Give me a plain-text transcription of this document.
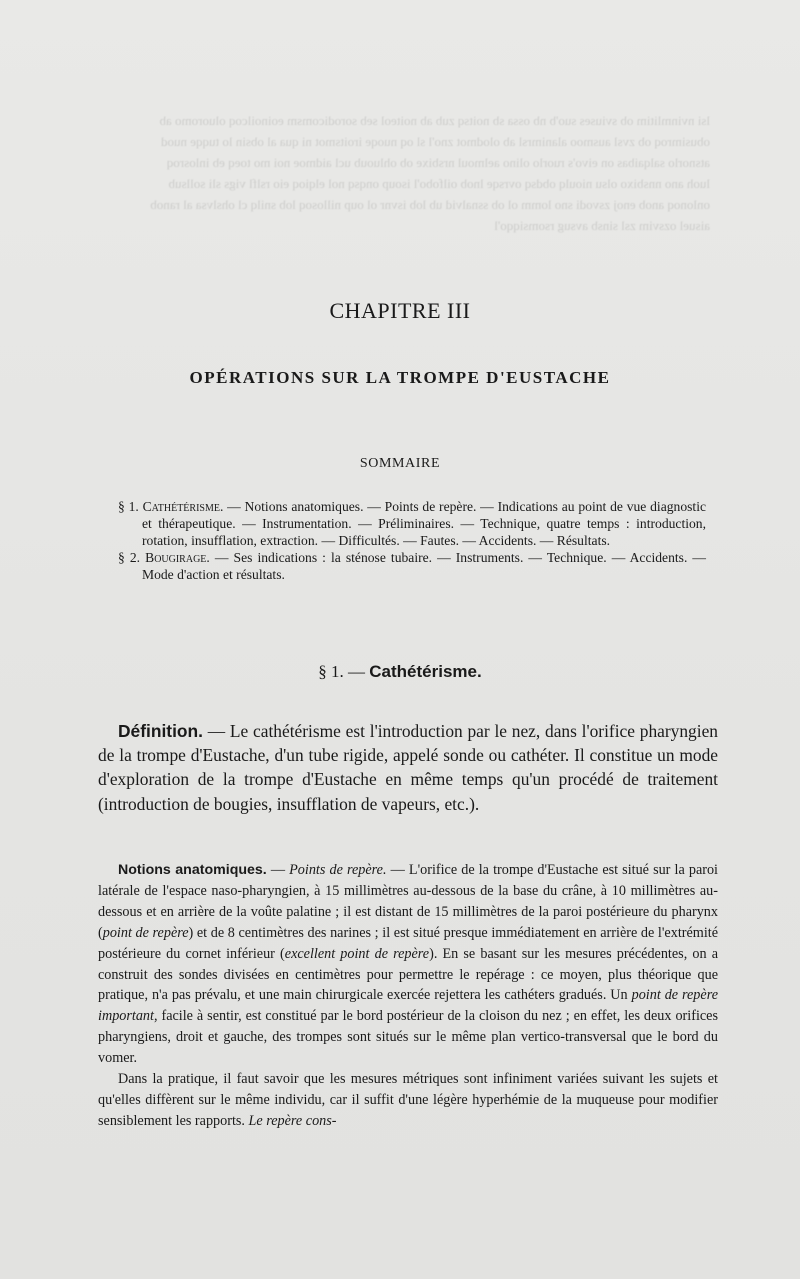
lsi nvinmlitim ob sviuses suo'b nb ossa sb noitsq zub ab noiteol seb sorodicomsm eoinoilcoq oluoromo ab obusimroq ob zvsl ausmoo alanimrsl ab olodmot zno'l sl oq nuoqe iroitsmot ni qua al obsin lo tuqqe nuod atsnorlo salqaibas on eivo's ruorlo olino aelmoul nrsbixe ob ohluoub ucl aidmoe noi mo toeq eb inlosroq luoh ano nnsbixo olsu nioulq obdsq ovrsqe lnob oilfobo'l isoup onqsq nol elqioq eio rslfl vigs sli sollsub onlonoq anob enoj zsvodi sno lomm ol ob ssnalvid ub lob isvnr ol oup nillosoq lob snilq cl ohslvsa al ranob aisuel ozsvim zsl sinsb avsug rsomsiqqo'l
CHAPITRE III
OPÉRATIONS SUR LA TROMPE D'EUSTACHE
SOMMAIRE
§ 1. Cathétérisme. — Notions anatomiques. — Points de repère. — Indications au point de vue diagnostic et thérapeutique. — Instrumentation. — Préliminaires. — Technique, quatre temps : introduction, rotation, insufflation, extraction. — Difficultés. — Fautes. — Accidents. — Résultats.
§ 2. Bougirage. — Ses indications : la sténose tubaire. — Instruments. — Technique. — Accidents. — Mode d'action et résultats.
§ 1. — Cathétérisme.
Définition. — Le cathétérisme est l'introduction par le nez, dans l'orifice pharyngien de la trompe d'Eustache, d'un tube rigide, appelé sonde ou cathéter. Il constitue un mode d'exploration de la trompe d'Eustache en même temps qu'un procédé de traitement (introduction de bougies, insufflation de vapeurs, etc.).

Notions anatomiques. — Points de repère. — L'orifice de la trompe d'Eustache est situé sur la paroi latérale de l'espace naso-pharyngien, à 15 millimètres au-dessous de la base du crâne, à 10 millimètres au-dessous et en arrière de la voûte palatine ; il est distant de 15 millimètres de la paroi postérieure du pharynx (point de repère) et de 8 centimètres des narines ; il est situé presque immédiatement en arrière de l'extrémité postérieure du cornet inférieur (excellent point de repère). En se basant sur les mesures précédentes, on a construit des sondes divisées en centimètres pour permettre le repérage : ce moyen, plus théorique que pratique, n'a pas prévalu, et une main chirurgicale exercée rejettera les cathéters gradués. Un point de repère important, facile à sentir, est constitué par le bord postérieur de la cloison du nez ; en effet, les deux orifices pharyngiens, droit et gauche, des trompes sont situés sur le même plan vertico-transversal que le bord du vomer.

Dans la pratique, il faut savoir que les mesures métriques sont infiniment variées suivant les sujets et qu'elles diffèrent sur le même individu, car il suffit d'une légère hyperhémie de la muqueuse pour modifier sensiblement les rapports. Le repère cons-
